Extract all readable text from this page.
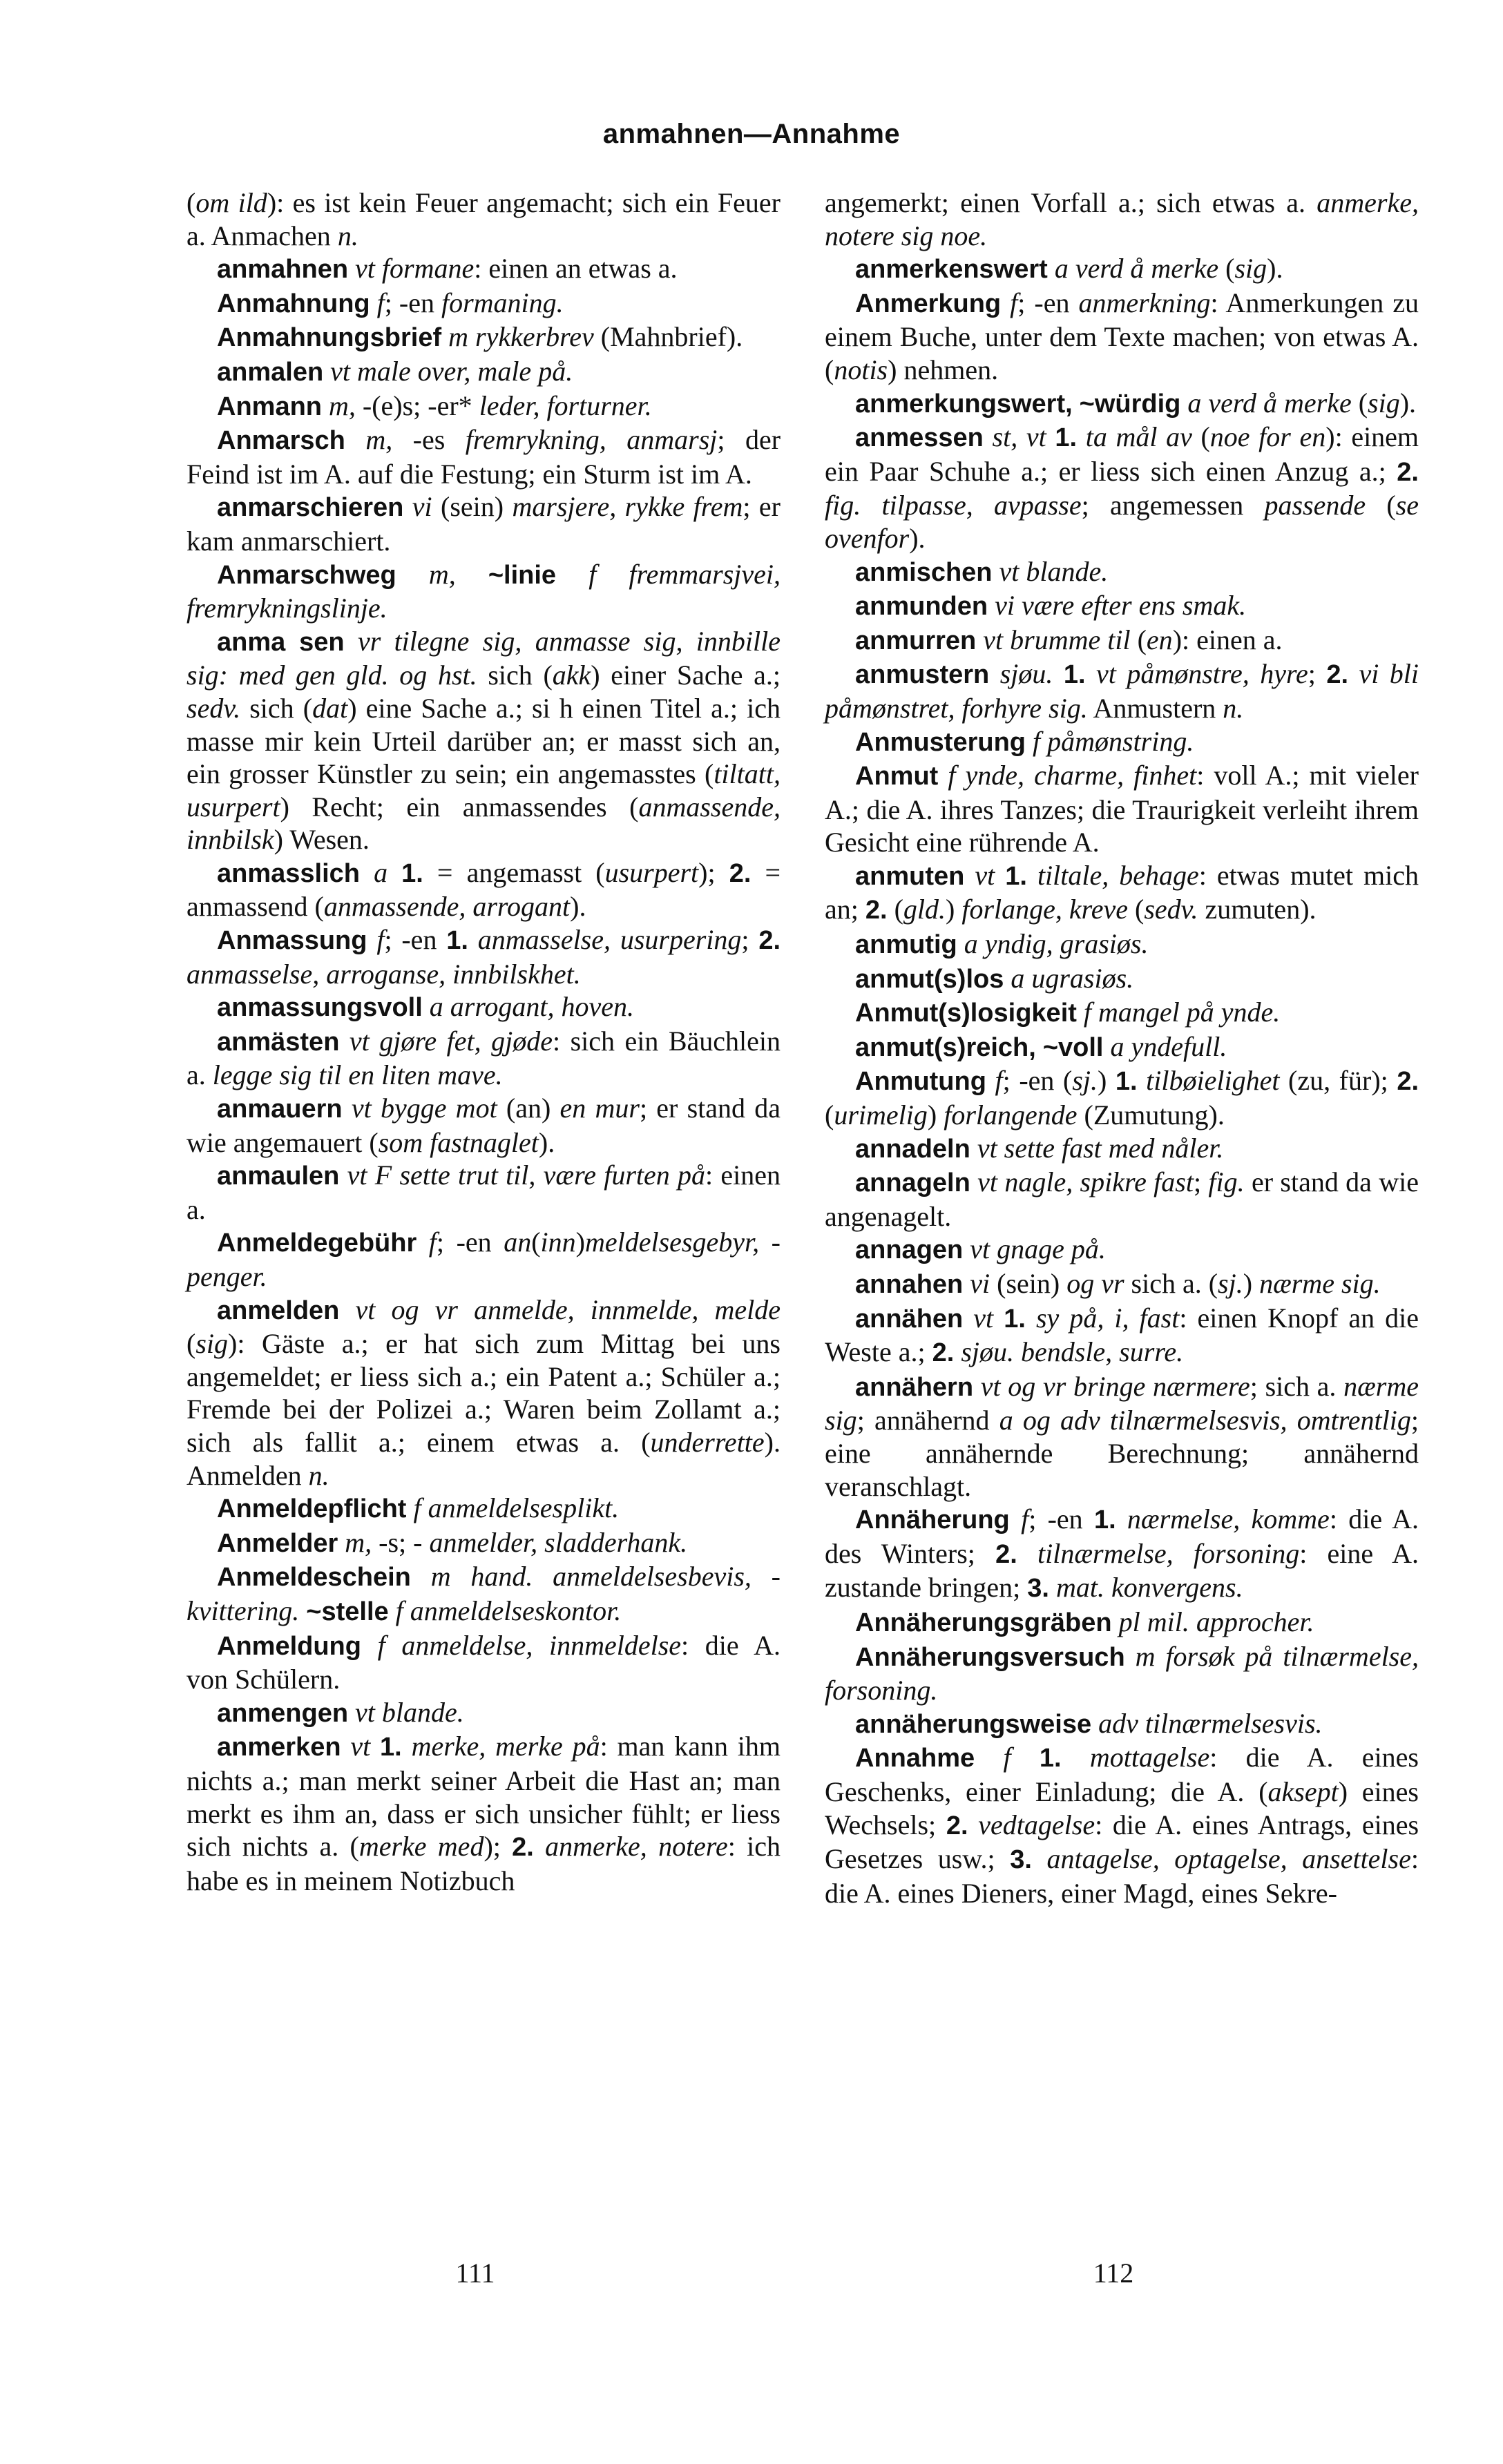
anmahnen—Annahme

(om ild): es ist kein Feuer angemacht; sich ein Feuer a. Anmachen n.

anmahnen vt formane: einen an etwas a.

Anmahnung f; -en formaning.

Anmahnungsbrief m rykkerbrev (Mahnbrief).

anmalen vt male over, male på.

Anmann m, -(e)s; -er* leder, forturner.

Anmarsch m, -es fremrykning, anmarsj; der Feind ist im A. auf die Festung; ein Sturm ist im A.

anmarschieren vi (sein) marsjere, rykke frem; er kam anmarschiert.

Anmarschweg m, ~linie f fremmarsjvei, fremrykningslinje.

anma sen vr tilegne sig, anmasse sig, innbille sig: med gen gld. og hst. sich (akk) einer Sache a.; sedv. sich (dat) eine Sache a.; si h einen Titel a.; ich masse mir kein Urteil darüber an; er masst sich an, ein grosser Künstler zu sein; ein angemasstes (tiltatt, usurpert) Recht; ein anmassendes (anmassende, innbilsk) Wesen.

anmasslich a 1. = angemasst (usurpert); 2. = anmassend (anmassende, arrogant).

Anmassung f; -en 1. anmasselse, usurpering; 2. anmasselse, arroganse, innbilskhet.

anmassungsvoll a arrogant, hoven.

anmästen vt gjøre fet, gjøde: sich ein Bäuchlein a. legge sig til en liten mave.

anmauern vt bygge mot (an) en mur; er stand da wie angemauert (som fastnaglet).

anmaulen vt F sette trut til, være furten på: einen a.

Anmeldegebühr f; -en an(inn)meldelsesgebyr, -penger.

anmelden vt og vr anmelde, innmelde, melde (sig): Gäste a.; er hat sich zum Mittag bei uns angemeldet; er liess sich a.; ein Patent a.; Schüler a.; Fremde bei der Polizei a.; Waren beim Zollamt a.; sich als fallit a.; einem etwas a. (underrette). Anmelden n.

Anmeldepflicht f anmeldelsesplikt.

Anmelder m, -s; - anmelder, sladderhank.

Anmeldeschein m hand. anmeldelsesbevis, -kvittering. ~stelle f anmeldelseskontor.

Anmeldung f anmeldelse, innmeldelse: die A. von Schülern.

anmengen vt blande.

anmerken vt 1. merke, merke på: man kann ihm nichts a.; man merkt seiner Arbeit die Hast an; man merkt es ihm an, dass er sich unsicher fühlt; er liess sich nichts a. (merke med); 2. anmerke, notere: ich habe es in meinem Notizbuch

angemerkt; einen Vorfall a.; sich etwas a. anmerke, notere sig noe.

anmerkenswert a verd å merke (sig).

Anmerkung f; -en anmerkning: Anmerkungen zu einem Buche, unter dem Texte machen; von etwas A. (notis) nehmen.

anmerkungswert, ~würdig a verd å merke (sig).

anmessen st, vt 1. ta mål av (noe for en): einem ein Paar Schuhe a.; er liess sich einen Anzug a.; 2. fig. tilpasse, avpasse; angemessen passende (se ovenfor).

anmischen vt blande.

anmunden vi være efter ens smak.

anmurren vt brumme til (en): einen a.

anmustern sjøu. 1. vt påmønstre, hyre; 2. vi bli påmønstret, forhyre sig. Anmustern n.

Anmusterung f påmønstring.

Anmut f ynde, charme, finhet: voll A.; mit vieler A.; die A. ihres Tanzes; die Traurigkeit verleiht ihrem Gesicht eine rührende A.

anmuten vt 1. tiltale, behage: etwas mutet mich an; 2. (gld.) forlange, kreve (sedv. zumuten).

anmutig a yndig, grasiøs.

anmut(s)los a ugrasiøs.

Anmut(s)losigkeit f mangel på ynde.

anmut(s)reich, ~voll a yndefull.

Anmutung f; -en (sj.) 1. tilbøielighet (zu, für); 2. (urimelig) forlangende (Zumutung).

annadeln vt sette fast med nåler.

annageln vt nagle, spikre fast; fig. er stand da wie angenagelt.

annagen vt gnage på.

annahen vi (sein) og vr sich a. (sj.) nærme sig.

annähen vt 1. sy på, i, fast: einen Knopf an die Weste a.; 2. sjøu. bendsle, surre.

annähern vt og vr bringe nærmere; sich a. nærme sig; annähernd a og adv tilnærmelsesvis, omtrentlig; eine annähernde Berechnung; annähernd veranschlagt.

Annäherung f; -en 1. nærmelse, komme: die A. des Winters; 2. tilnærmelse, forsoning: eine A. zustande bringen; 3. mat. konvergens.

Annäherungsgräben pl mil. approcher.

Annäherungsversuch m forsøk på tilnærmelse, forsoning.

annäherungsweise adv tilnærmelsesvis.

Annahme f 1. mottagelse: die A. eines Geschenks, einer Einladung; die A. (aksept) eines Wechsels; 2. vedtagelse: die A. eines Antrags, eines Gesetzes usw.; 3. antagelse, optagelse, ansettelse: die A. eines Dieners, einer Magd, eines Sekre-

111	112
